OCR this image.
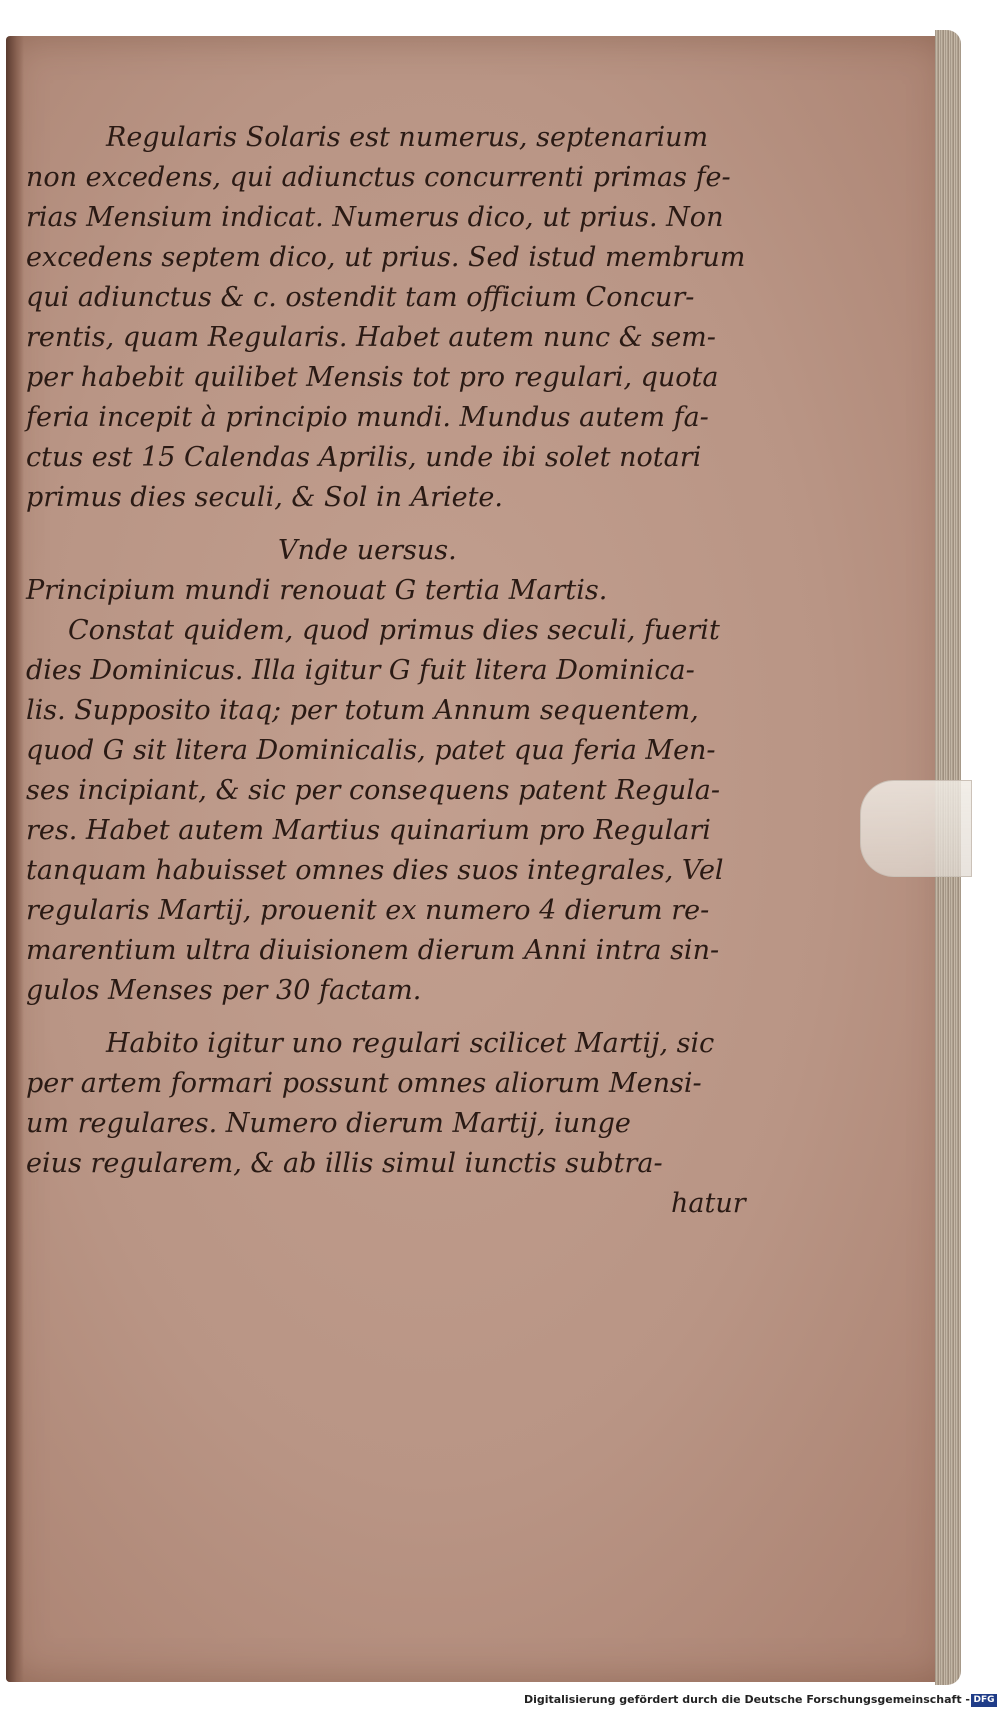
Regularis Solaris est numerus, septenarium
non excedens, qui adiunctus concurrenti primas fe-
rias Mensium indicat. Numerus dico, ut prius. Non
excedens septem dico, ut prius. Sed istud membrum
qui adiunctus & c. ostendit tam officium Concur-
rentis, quam Regularis. Habet autem nunc & sem-
per habebit quilibet Mensis tot pro regulari, quota
feria incepit à principio mundi. Mundus autem fa-
ctus est 15 Calendas Aprilis, unde ibi solet notari
primus dies seculi, & Sol in Ariete.
Vnde uersus.
Principium mundi renouat G tertia Martis.
Constat quidem, quod primus dies seculi, fuerit
dies Dominicus. Illa igitur G fuit litera Dominica-
lis. Supposito itaq; per totum Annum sequentem,
quod G sit litera Dominicalis, patet qua feria Men-
ses incipiant, & sic per consequens patent Regula-
res. Habet autem Martius quinarium pro Regulari
tanquam habuisset omnes dies suos integrales, Vel
regularis Martij, prouenit ex numero 4 dierum re-
marentium ultra diuisionem dierum Anni intra sin-
gulos Menses per 30 factam.
Habito igitur uno regulari scilicet Martij, sic
per artem formari possunt omnes aliorum Mensi-
um regulares. Numero dierum Martij, iunge
eius regularem, & ab illis simul iunctis subtra-
hatur
Digitalisierung gefördert durch die Deutsche Forschungsgemeinschaft - DFG
